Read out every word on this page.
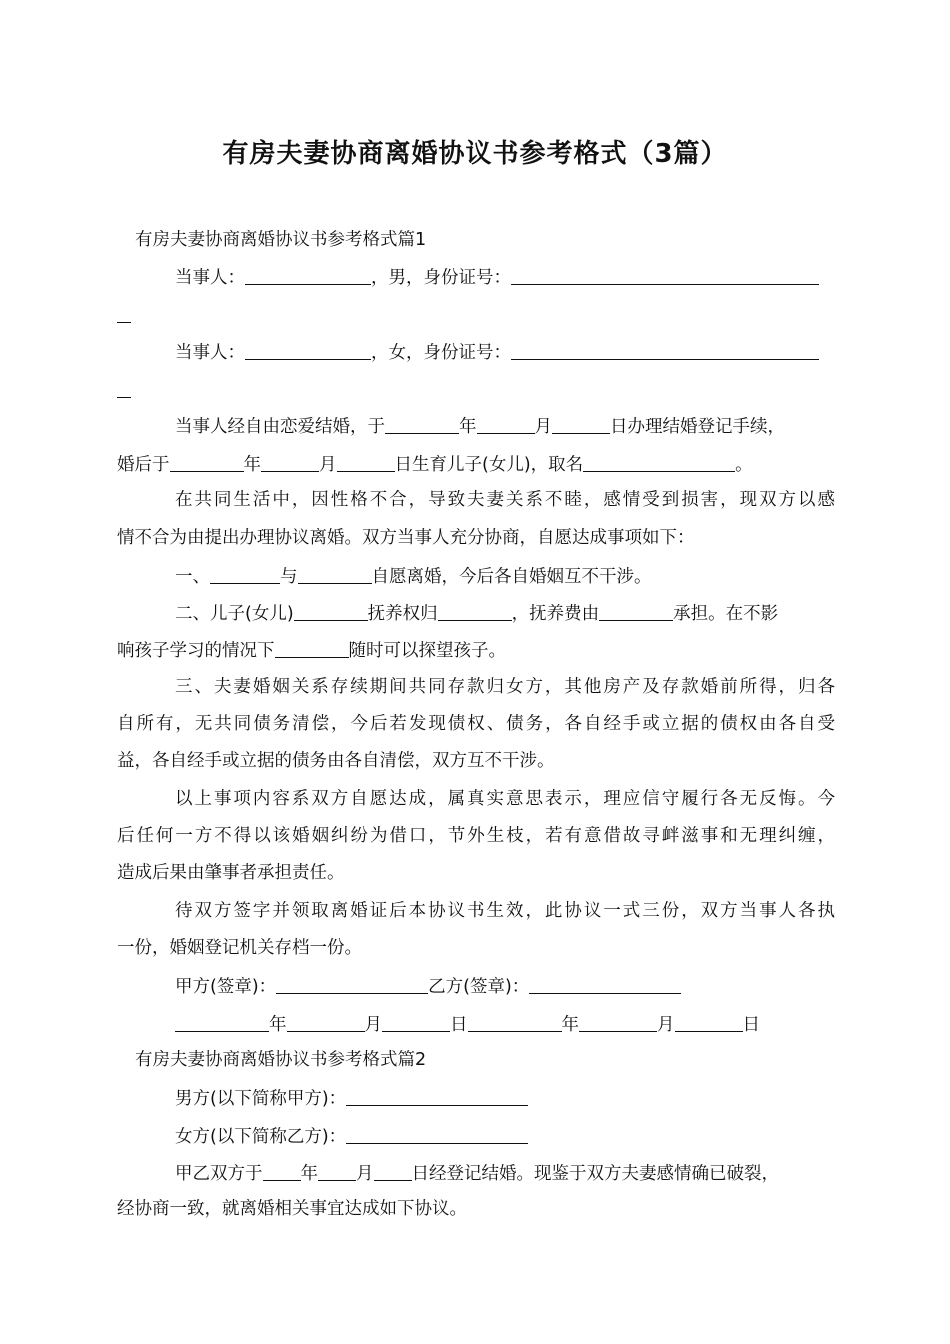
有房夫妻协商离婚协议书参考格式（3篇）
有房夫妻协商离婚协议书参考格式篇1
当事人：	，男，身份证号：
当事人：	，女，身份证号：
当事人经自由恋爱结婚，于	年	月	日办理结婚登记手续，
婚后于	年	月	日生育儿子(女儿)，取名	。
在共同生活中，因性格不合，导致夫妻关系不睦，感情受到损害，现双方以感
情不合为由提出办理协议离婚。双方当事人充分协商，自愿达成事项如下：
一、	与	自愿离婚，今后各自婚姻互不干涉。
二、儿子(女儿)	抚养权归	，抚养费由	承担。在不影
响孩子学习的情况下	随时可以探望孩子。
三、夫妻婚姻关系存续期间共同存款归女方，其他房产及存款婚前所得，归各
自所有，无共同债务清偿，今后若发现债权、债务，各自经手或立据的债权由各自受
益，各自经手或立据的债务由各自清偿，双方互不干涉。
以上事项内容系双方自愿达成，属真实意思表示，理应信守履行各无反悔。今
后任何一方不得以该婚姻纠纷为借口，节外生枝，若有意借故寻衅滋事和无理纠缠，
造成后果由肇事者承担责任。
待双方签字并领取离婚证后本协议书生效，此协议一式三份，双方当事人各执
一份，婚姻登记机关存档一份。
甲方(签章)：	乙方(签章)：
年	月	日	年	月	日
有房夫妻协商离婚协议书参考格式篇2
男方(以下简称甲方)：
女方(以下简称乙方)：
甲乙双方于 年 月 日经登记结婚。现鉴于双方夫妻感情确已破裂，
经协商一致，就离婚相关事宜达成如下协议。
